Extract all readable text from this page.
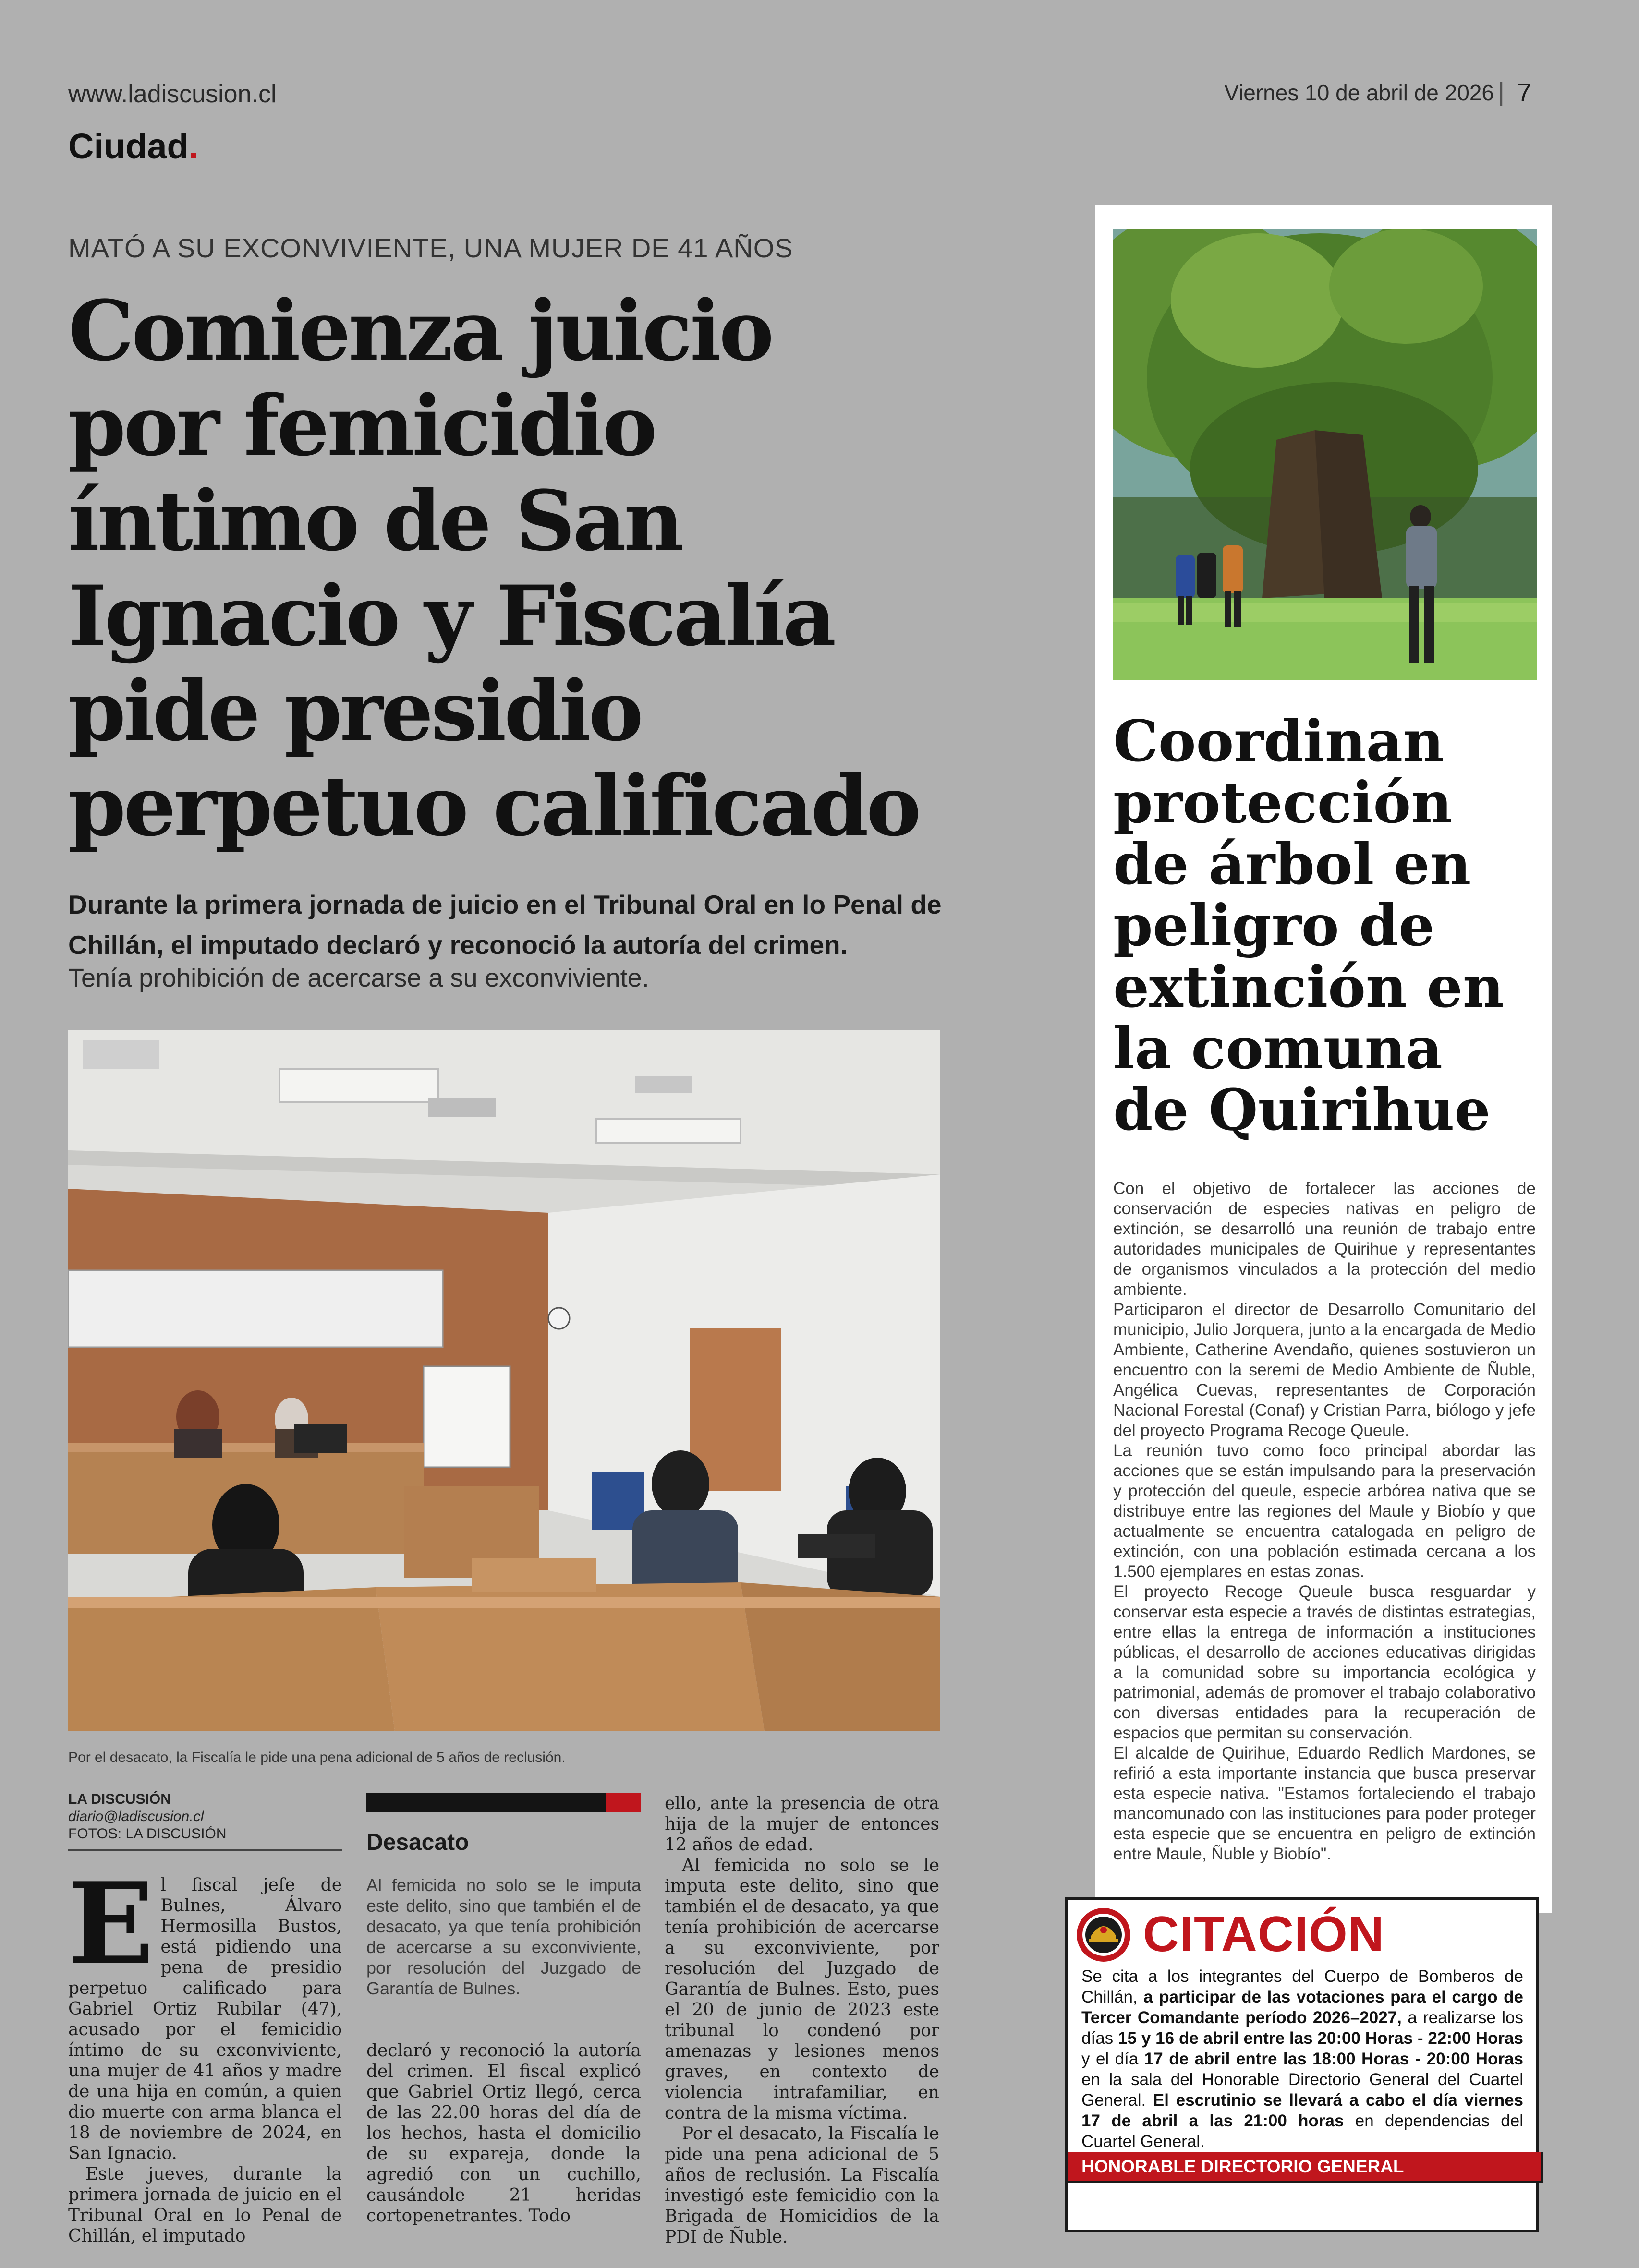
www.ladiscusion.cl
Ciudad.
Viernes 10 de abril de 2026 | 7
MATÓ A SU EXCONVIVIENTE, UNA MUJER DE 41 AÑOS
Comienza juicio
por femicidio
íntimo de San
Ignacio y Fiscalía
pide presidio
perpetuo calificado
Durante la primera jornada de juicio en el Tribunal Oral en lo Penal de Chillán, el imputado declaró y reconoció la autoría del crimen.
Tenía prohibición de acercarse a su exconviviente.
Por el desacato, la Fiscalía le pide una pena adicional de 5 años de reclusión.
LA DISCUSIÓN
diario@ladiscusion.cl
FOTOS: LA DISCUSIÓN

El fiscal jefe de Bulnes, Álvaro Hermosilla Bustos, está pidiendo una pena de presidio perpetuo calificado para Gabriel Ortiz Rubilar (47), acusado por el femicidio íntimo de su exconviviente, una mujer de 41 años y madre de una hija en común, a quien dio muerte con arma blanca el 18 de noviembre de 2024, en San Ignacio.

Este jueves, durante la primera jornada de juicio en el Tribunal Oral en lo Penal de Chillán, el imputado

Desacato
Al femicida no solo se le imputa este delito, sino que también el de desacato, ya que tenía prohibición de acercarse a su exconviviente, por resolución del Juzgado de Garantía de Bulnes.
declaró y reconoció la autoría del crimen. El fiscal explicó que Gabriel Ortiz llegó, cerca de las 22.00 horas del día de los hechos, hasta el domicilio de su expareja, donde la agredió con un cuchillo, causándole 21 heridas cortopenetrantes. Todo

ello, ante la presencia de otra hija de la mujer de entonces 12 años de edad.

Al femicida no solo se le imputa este delito, sino que también el de desacato, ya que tenía prohibición de acercarse a su exconviviente, por resolución del Juzgado de Garantía de Bulnes. Esto, pues el 20 de junio de 2023 este tribunal lo condenó por amenazas y lesiones menos graves, en contexto de violencia intrafamiliar, en contra de la misma víctima.

Por el desacato, la Fiscalía le pide una pena adicional de 5 años de reclusión. La Fiscalía investigó este femicidio con la Brigada de Homicidios de la PDI de Ñuble.

Coordinan
protección
de árbol en
peligro de
extinción en
la comuna
de Quirihue

Con el objetivo de fortalecer las acciones de conservación de especies nativas en peligro de extinción, se desarrolló una reunión de trabajo entre autoridades municipales de Quirihue y representantes de organismos vinculados a la protección del medio ambiente.

Participaron el director de Desarrollo Comunitario del municipio, Julio Jorquera, junto a la encargada de Medio Ambiente, Catherine Avendaño, quienes sostuvieron un encuentro con la seremi de Medio Ambiente de Ñuble, Angélica Cuevas, representantes de Corporación Nacional Forestal (Conaf) y Cristian Parra, biólogo y jefe del proyecto Programa Recoge Queule.

La reunión tuvo como foco principal abordar las acciones que se están impulsando para la preservación y protección del queule, especie arbórea nativa que se distribuye entre las regiones del Maule y Biobío y que actualmente se encuentra catalogada en peligro de extinción, con una población estimada cercana a los 1.500 ejemplares en estas zonas.

El proyecto Recoge Queule busca resguardar y conservar esta especie a través de distintas estrategias, entre ellas la entrega de información a instituciones públicas, el desarrollo de acciones educativas dirigidas a la comunidad sobre su importancia ecológica y patrimonial, además de promover el trabajo colaborativo con diversas entidades para la recuperación de espacios que permitan su conservación.

El alcalde de Quirihue, Eduardo Redlich Mardones, se refirió a esta importante instancia que busca preservar esta especie nativa. "Estamos fortaleciendo el trabajo mancomunado con las instituciones para poder proteger esta especie que se encuentra en peligro de extinción entre Maule, Ñuble y Biobío".

CITACIÓN
Se cita a los integrantes del Cuerpo de Bomberos de Chillán, a participar de las votaciones para el cargo de Tercer Comandante período 2026–2027, a realizarse los días 15 y 16 de abril entre las 20:00 Horas - 22:00 Horas y el día 17 de abril entre las 18:00 Horas - 20:00 Horas en la sala del Honorable Directorio General del Cuartel General. El escrutinio se llevará a cabo el día viernes 17 de abril a las 21:00 horas en dependencias del Cuartel General.
HONORABLE DIRECTORIO GENERAL
